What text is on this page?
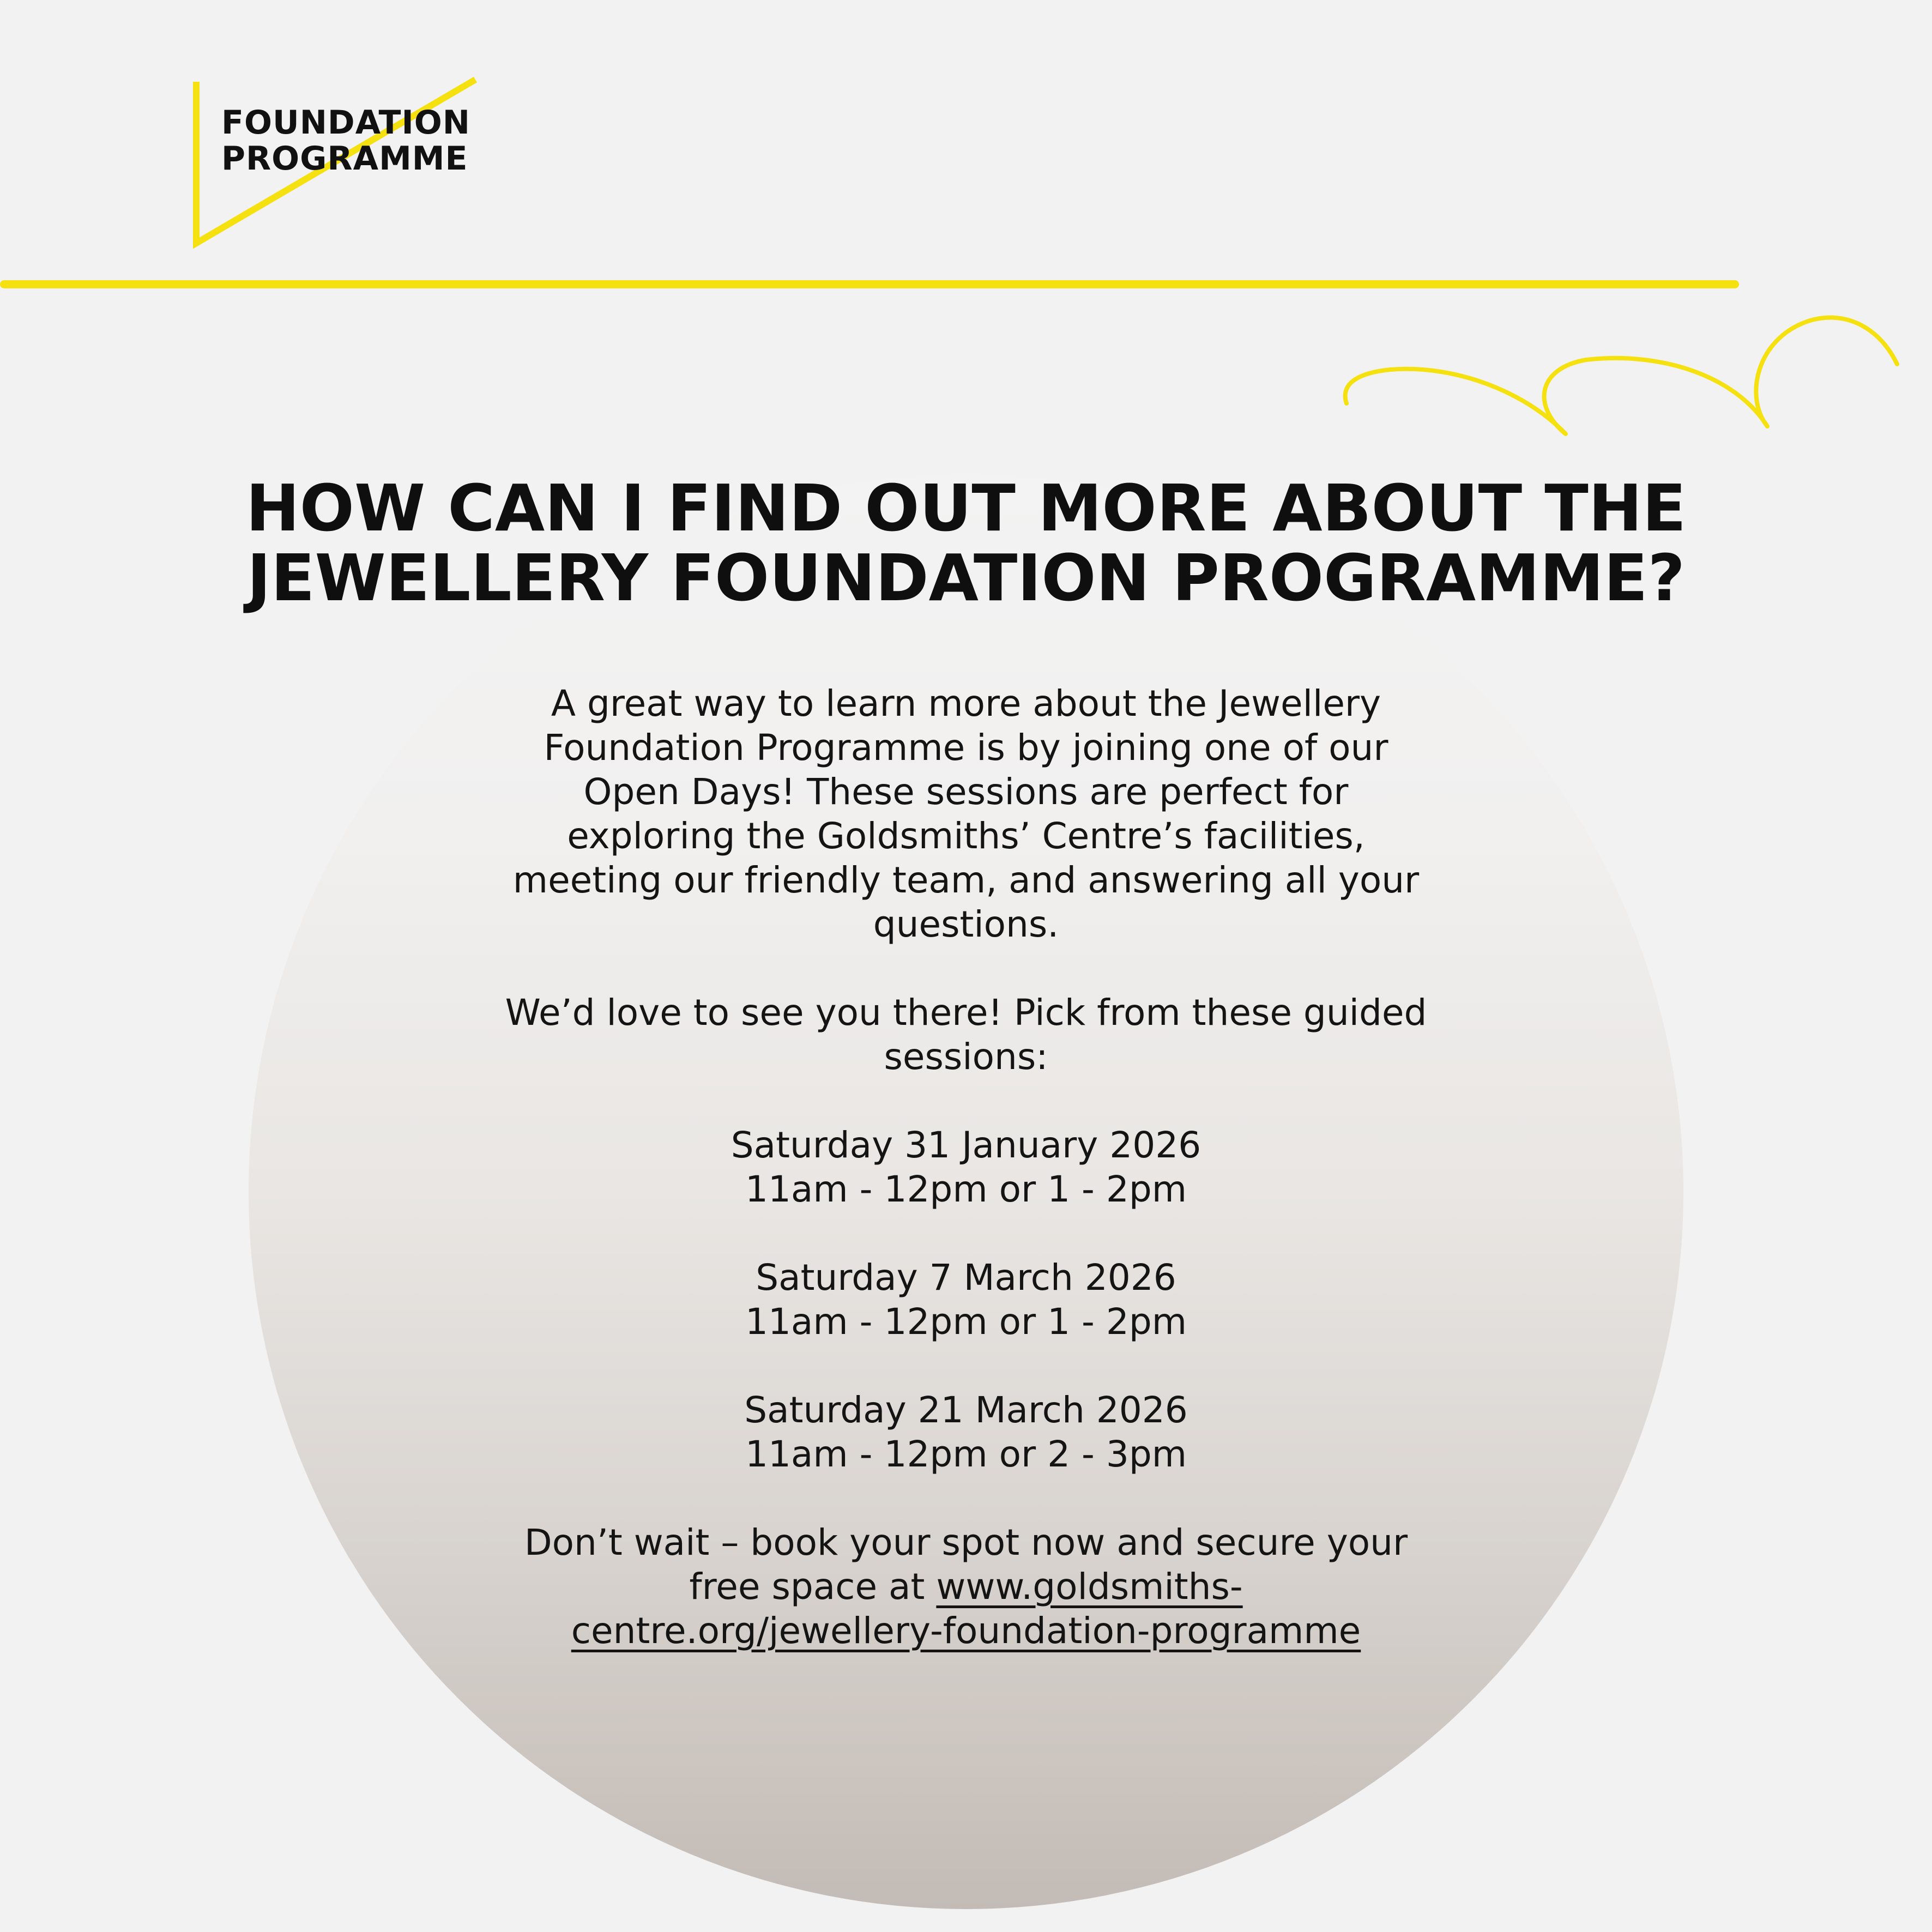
FOUNDATION
PROGRAMME
HOW CAN I FIND OUT MORE ABOUT THE
JEWELLERY FOUNDATION PROGRAMME?
A great way to learn more about the Jewellery
Foundation Programme is by joining one of our
Open Days! These sessions are perfect for
exploring the Goldsmiths’ Centre’s facilities,
meeting our friendly team, and answering all your
questions.
We’d love to see you there! Pick from these guided
sessions:
Saturday 31 January 2026
11am - 12pm or 1 - 2pm
Saturday 7 March 2026
11am - 12pm or 1 - 2pm
Saturday 21 March 2026
11am - 12pm or 2 - 3pm
Don’t wait – book your spot now and secure your
free space at www.goldsmiths-
centre.org/jewellery-foundation-programme
